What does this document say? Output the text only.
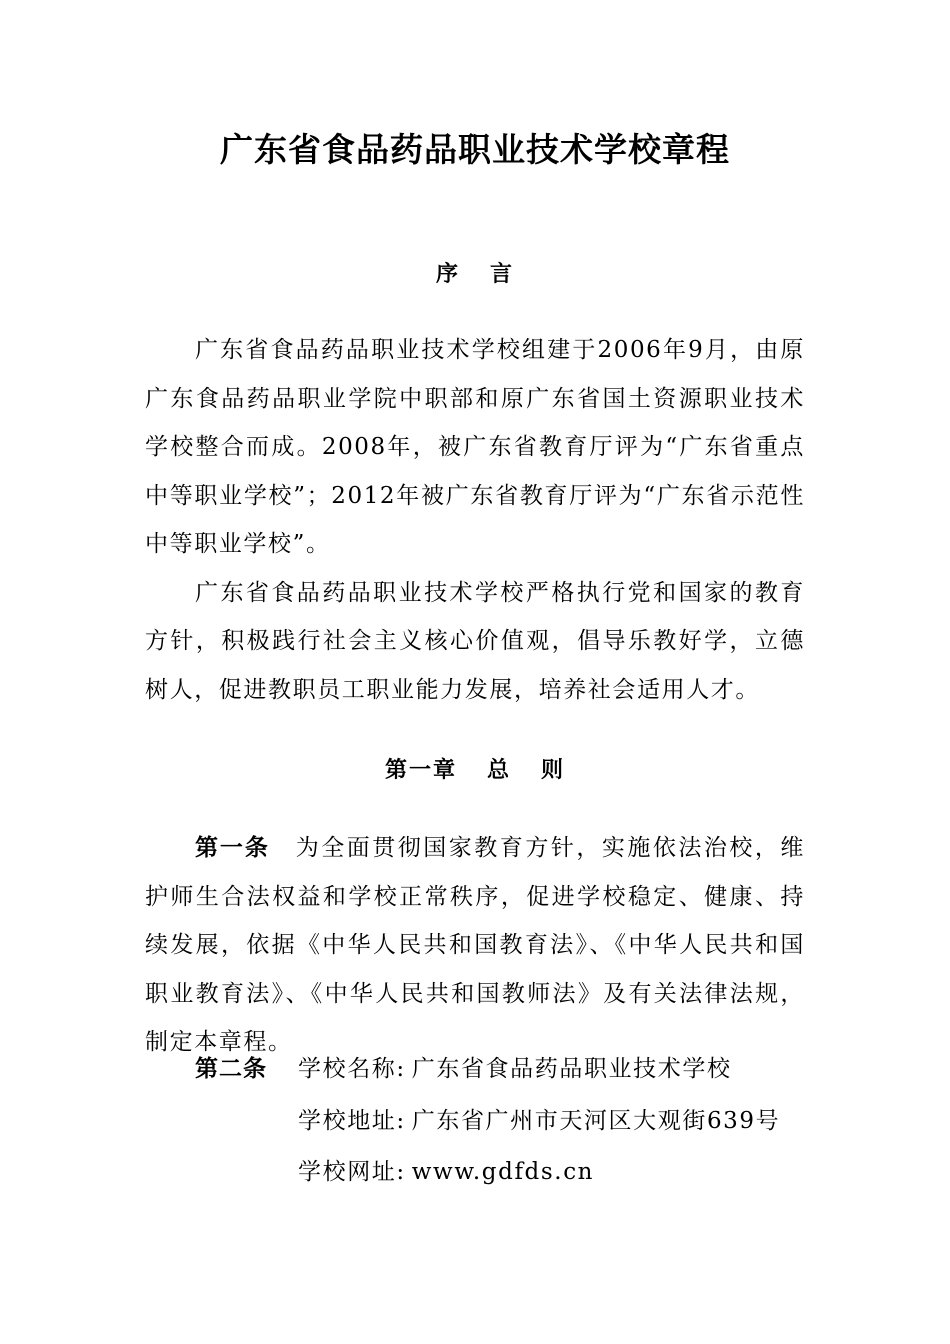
广东省食品药品职业技术学校章程
序 言

广东省食品药品职业技术学校组建于2006年9月，由原广东食品药品职业学院中职部和原广东省国土资源职业技术学校整合而成。2008年，被广东省教育厅评为“广东省重点中等职业学校”；2012年被广东省教育厅评为“广东省示范性中等职业学校”。

广东省食品药品职业技术学校严格执行党和国家的教育方针，积极践行社会主义核心价值观，倡导乐教好学，立德树人，促进教职员工职业能力发展，培养社会适用人才。

第一章 总 则

第一条 为全面贯彻国家教育方针，实施依法治校，维护师生合法权益和学校正常秩序，促进学校稳定、健康、持续发展，依据《中华人民共和国教育法》、《中华人民共和国职业教育法》、《中华人民共和国教师法》及有关法律法规，制定本章程。

第二条	学校名称: 广东省食品药品职业技术学校
学校地址: 广东省广州市天河区大观街639号
学校网址: www.gdfds.cn
